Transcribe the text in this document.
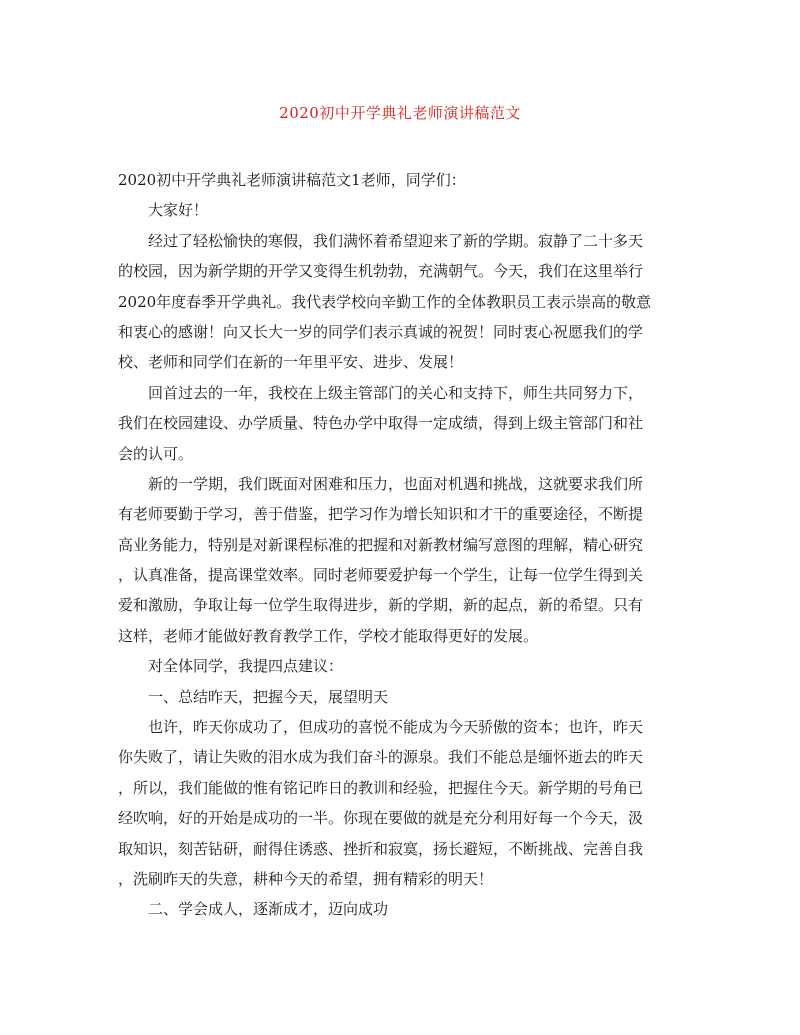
2020初中开学典礼老师演讲稿范文
2020初中开学典礼老师演讲稿范文1老师，同学们：
大家好！
经过了轻松愉快的寒假，我们满怀着希望迎来了新的学期。寂静了二十多天
的校园，因为新学期的开学又变得生机勃勃，充满朝气。今天，我们在这里举行
2020年度春季开学典礼。我代表学校向辛勤工作的全体教职员工表示崇高的敬意
和衷心的感谢！向又长大一岁的同学们表示真诚的祝贺！同时衷心祝愿我们的学
校、老师和同学们在新的一年里平安、进步、发展！
回首过去的一年，我校在上级主管部门的关心和支持下，师生共同努力下，
我们在校园建设、办学质量、特色办学中取得一定成绩，得到上级主管部门和社
会的认可。
新的一学期，我们既面对困难和压力，也面对机遇和挑战，这就要求我们所
有老师要勤于学习，善于借鉴，把学习作为增长知识和才干的重要途径，不断提
高业务能力，特别是对新课程标准的把握和对新教材编写意图的理解，精心研究
，认真准备，提高课堂效率。同时老师要爱护每一个学生，让每一位学生得到关
爱和激励，争取让每一位学生取得进步，新的学期，新的起点，新的希望。只有
这样，老师才能做好教育教学工作，学校才能取得更好的发展。
对全体同学，我提四点建议：
一、总结昨天，把握今天，展望明天
也许，昨天你成功了，但成功的喜悦不能成为今天骄傲的资本；也许，昨天
你失败了，请让失败的泪水成为我们奋斗的源泉。我们不能总是缅怀逝去的昨天
，所以，我们能做的惟有铭记昨日的教训和经验，把握住今天。新学期的号角已
经吹响，好的开始是成功的一半。你现在要做的就是充分利用好每一个今天，汲
取知识，刻苦钻研，耐得住诱惑、挫折和寂寞，扬长避短，不断挑战、完善自我
，洗刷昨天的失意，耕种今天的希望，拥有精彩的明天！
二、学会成人，逐渐成才，迈向成功
